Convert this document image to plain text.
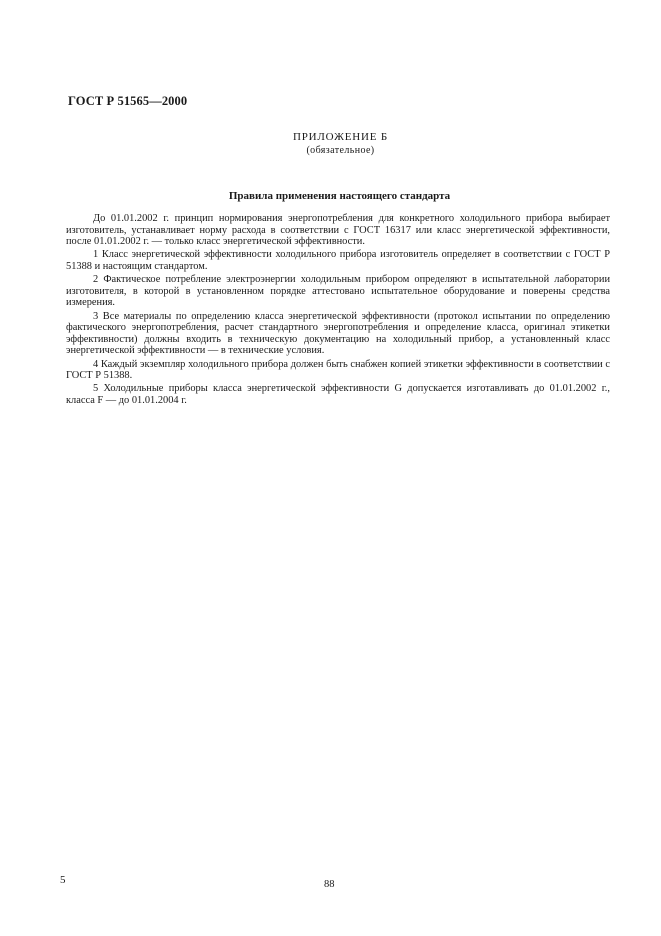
ГОСТ Р 51565—2000
ПРИЛОЖЕНИЕ Б
(обязательное)
Правила применения настоящего стандарта

До 01.01.2002 г. принцип нормирования энергопотребления для конкретного холодильного прибора выбирает изготовитель, устанавливает норму расхода в соответствии с ГОСТ 16317 или класс энергетической эффективности, после 01.01.2002 г. — только класс энергетической эффективности.

1 Класс энергетической эффективности холодильного прибора изготовитель определяет в соответствии с ГОСТ Р 51388 и настоящим стандартом.

2 Фактическое потребление электроэнергии холодильным прибором определяют в испытательной лаборатории изготовителя, в которой в установленном порядке аттестовано испытательное оборудование и поверены средства измерения.

3 Все материалы по определению класса энергетической эффективности (протокол испытании по определению фактического энергопотребления, расчет стандартного энергопотребления и определение класса, оригинал этикетки эффективности) должны входить в техническую документацию на холодильный прибор, а установленный класс энергетической эффективности — в технические условия.

4 Каждый экземпляр холодильного прибора должен быть снабжен копией этикетки эффективности в соответствии с ГОСТ Р 51388.

5 Холодильные приборы класса энергетической эффективности G допускается изготавливать до 01.01.2002 г., класса F — до 01.01.2004 г.

5	88
